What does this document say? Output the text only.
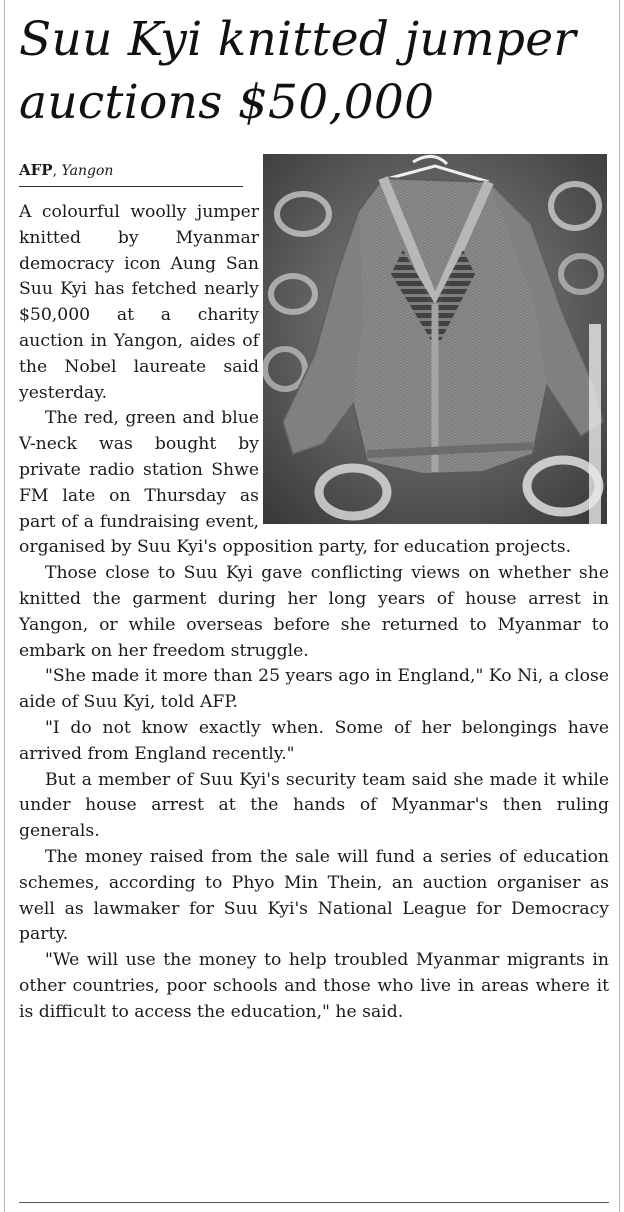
Suu Kyi knitted jumper auctions $50,000
AFP, Yangon

A colourful woolly jumper knitted by Myanmar democracy icon Aung San Suu Kyi has fetched nearly $50,000 at a charity auction in Yangon, aides of the Nobel laureate said yesterday.

The red, green and blue V-neck was bought by private radio station Shwe FM late on Thursday as part of a fundraising event, organised by Suu Kyi's opposition party, for education projects.

Those close to Suu Kyi gave conflicting views on whether she knitted the garment during her long years of house arrest in Yangon, or while overseas before she returned to Myanmar to embark on her freedom struggle.

"She made it more than 25 years ago in England," Ko Ni, a close aide of Suu Kyi, told AFP.

"I do not know exactly when. Some of her belongings have arrived from England recently."

But a member of Suu Kyi's security team said she made it while under house arrest at the hands of Myanmar's then ruling generals.

The money raised from the sale will fund a series of education schemes, according to Phyo Min Thein, an auction organiser as well as lawmaker for Suu Kyi's National League for Democracy party.

"We will use the money to help troubled Myanmar migrants in other countries, poor schools and those who live in areas where it is difficult to access the education," he said.
